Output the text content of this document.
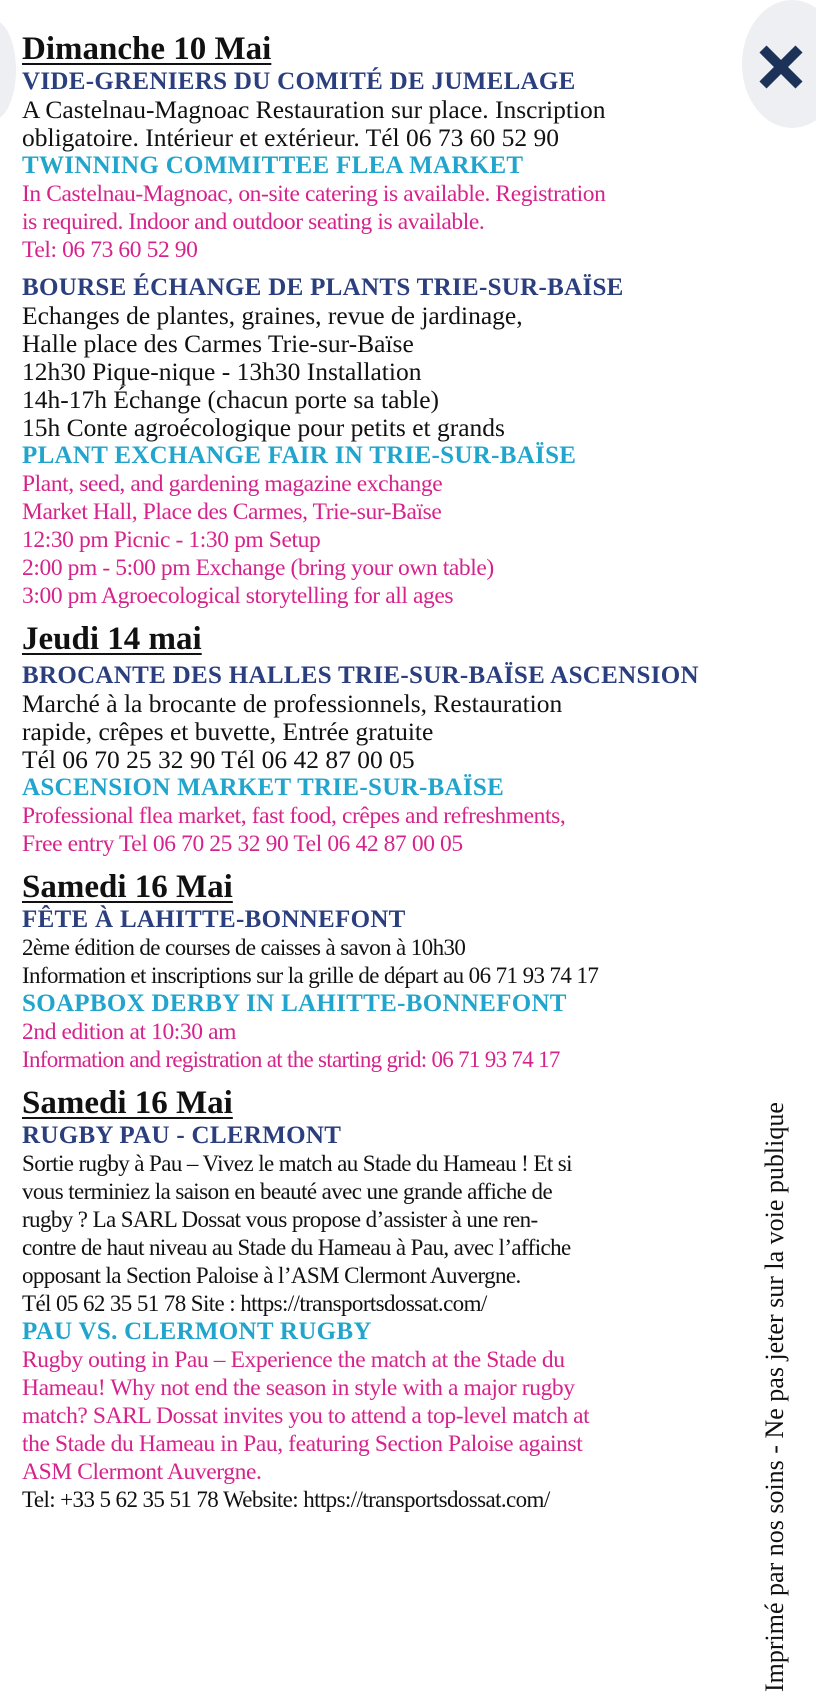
Dimanche 10 Mai

VIDE-GRENIERS DU COMITÉ DE JUMELAGE

A Castelnau-Magnoac Restauration sur place. Inscription

obligatoire. Intérieur et extérieur. Tél 06 73 60 52 90

TWINNING COMMITTEE FLEA MARKET

In Castelnau-Magnoac, on-site catering is available. Registration

is required. Indoor and outdoor seating is available.

Tel: 06 73 60 52 90

BOURSE ÉCHANGE DE PLANTS TRIE-SUR-BAÏSE

Echanges de plantes, graines, revue de jardinage,

Halle place des Carmes Trie-sur-Baïse

12h30 Pique-nique - 13h30 Installation

14h-17h Échange (chacun porte sa table)

15h Conte agroécologique pour petits et grands

PLANT EXCHANGE FAIR IN TRIE-SUR-BAÏSE

Plant, seed, and gardening magazine exchange

Market Hall, Place des Carmes, Trie-sur-Baïse

12:30 pm Picnic - 1:30 pm Setup

2:00 pm - 5:00 pm Exchange (bring your own table)

3:00 pm Agroecological storytelling for all ages

Jeudi 14 mai

BROCANTE DES HALLES TRIE-SUR-BAÏSE ASCENSION

Marché à la brocante de professionnels, Restauration

rapide, crêpes et buvette, Entrée gratuite

Tél 06 70 25 32 90 Tél 06 42 87 00 05

ASCENSION MARKET TRIE-SUR-BAÏSE

Professional flea market, fast food, crêpes and refreshments,

Free entry Tel 06 70 25 32 90 Tel 06 42 87 00 05

Samedi 16 Mai

FÊTE À LAHITTE-BONNEFONT

2ème édition de courses de caisses à savon à 10h30

Information et inscriptions sur la grille de départ au 06 71 93 74 17

SOAPBOX DERBY IN LAHITTE-BONNEFONT

2nd edition at 10:30 am

Information and registration at the starting grid: 06 71 93 74 17

Samedi 16 Mai

RUGBY PAU - CLERMONT

Sortie rugby à Pau – Vivez le match au Stade du Hameau ! Et si

vous terminiez la saison en beauté avec une grande affiche de

rugby ? La SARL Dossat vous propose d’assister à une ren-

contre de haut niveau au Stade du Hameau à Pau, avec l’affiche

opposant la Section Paloise à l’ASM Clermont Auvergne.

Tél 05 62 35 51 78 Site : https://transportsdossat.com/

PAU VS. CLERMONT RUGBY

Rugby outing in Pau – Experience the match at the Stade du

Hameau! Why not end the season in style with a major rugby

match? SARL Dossat invites you to attend a top-level match at

the Stade du Hameau in Pau, featuring Section Paloise against

ASM Clermont Auvergne.

Tel: +33 5 62 35 51 78 Website: https://transportsdossat.com/	Imprimé par nos soins - Ne pas jeter sur la voie publique
